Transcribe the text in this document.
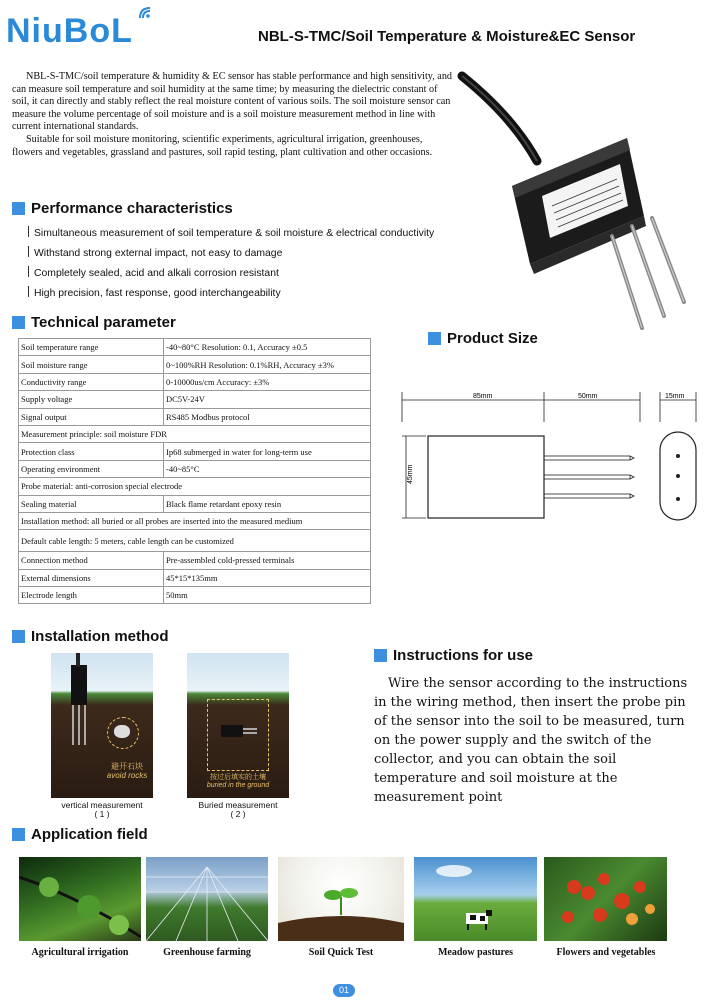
NiuBoL	NBL-S-TMC/Soil Temperature & Moisture&EC Sensor

NBL-S-TMC/soil temperature & humidity & EC sensor has stable performance and high sensitivity, and can measure soil temperature and soil humidity at the same time; by measuring the dielectric constant of soil, it can directly and stably reflect the real moisture content of various soils. The soil moisture sensor can measure the volume percentage of soil moisture and is a soil moisture measurement method in line with current international standards.

Suitable for soil moisture monitoring, scientific experiments, agricultural irrigation, greenhouses, flowers and vegetables, grassland and pastures, soil rapid testing, plant cultivation and other occasions.

Performance characteristics
Simultaneous measurement of soil temperature & soil moisture & electrical conductivity
Withstand strong external impact, not easy to damage
Completely sealed, acid and alkali corrosion resistant
High precision, fast response, good interchangeability
Technical parameter
Soil temperature range	-40~80°C Resolution: 0.1, Accuracy ±0.5
Soil moisture range	0~100%RH Resolution: 0.1%RH, Accuracy ±3%
Conductivity range	0-10000us/cm Accuracy: ±3%
Supply voltage	DC5V-24V
Signal output	RS485 Modbus protocol
Measurement principle: soil moisture FDR	
Protection class	Ip68 submerged in water for long-term use
Operating environment	-40~85°C
Probe material: anti-corrosion special electrode	
Sealing material	Black flame retardant epoxy resin
Installation method: all buried or all probes are inserted into the measured medium	
Default cable length: 5 meters, cable length can be customized	
Connection method	Pre-assembled cold-pressed terminals
External dimensions	45*15*135mm
Electrode length	50mm
Product Size
85mm	50mm	15mm
45mm
Installation method
避开石块
avoid rocks	按过后填实的土壤
buried in the ground
vertical measurement
( 1 )
Buried measurement
( 2 )
Instructions for use

Wire the sensor according to the instructions in the wiring method, then insert the probe pin of the sensor into the soil to be measured, turn on the power supply and the switch of the collector, and you can obtain the soil temperature and soil moisture at the measurement point

Application field
Agricultural irrigation	Greenhouse farming	Soil Quick Test	Meadow pastures	Flowers and vegetables
01
